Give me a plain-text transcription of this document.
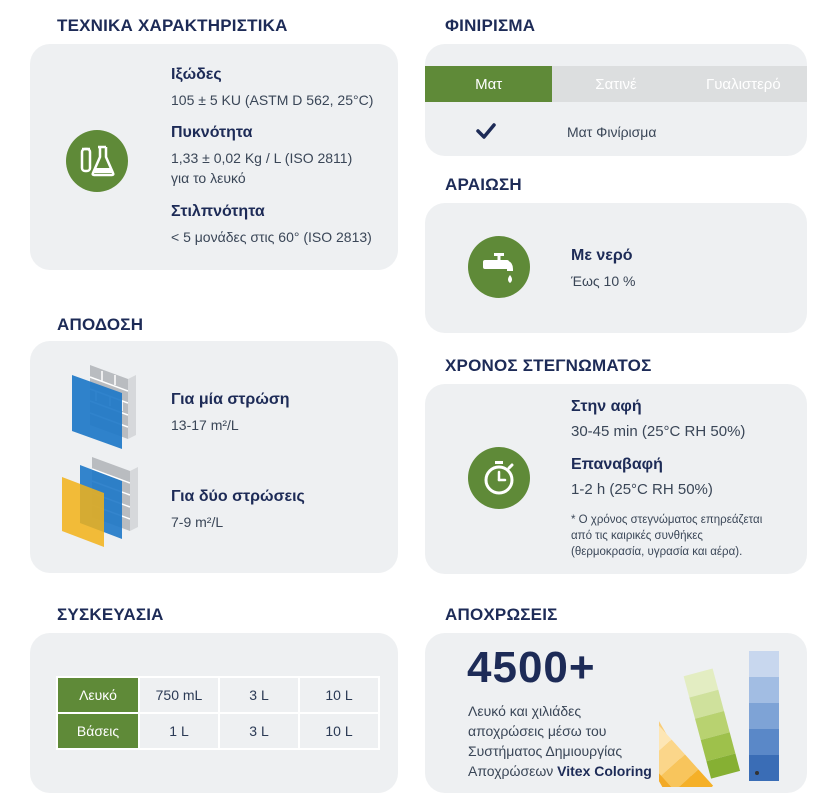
ΤΕΧΝΙΚΑ ΧΑΡΑΚΤΗΡΙΣΤΙΚΑ
Ιξώδες
105 ± 5 KU (ASTM D 562, 25°C)
Πυκνότητα
1,33 ± 0,02 Kg / L (ISO 2811)
για το λευκό
Στιλπνότητα
< 5 μονάδες στις 60° (ISO 2813)
ΦΙΝΙΡΙΣΜΑ
Ματ	Σατινέ	Γυαλιστερό
Ματ Φινίρισμα
ΑΡΑΙΩΣΗ
Με νερό
Έως 10 %
ΑΠΟΔΟΣΗ
Για μία στρώση
13-17 m²/L
Για δύο στρώσεις
7-9 m²/L
ΧΡΟΝΟΣ ΣΤΕΓΝΩΜΑΤΟΣ
Στην αφή
30-45 min (25°C RH 50%)
Επαναβαφή
1-2 h (25°C RH 50%)
* Ο χρόνος στεγνώματος επηρεάζεται
από τις καιρικές συνθήκες
(θερμοκρασία, υγρασία και αέρα).
ΣΥΣΚΕΥΑΣΙΑ
Λευκό	750 mL	3 L	10 L
Βάσεις	1 L	3 L	10 L
ΑΠΟΧΡΩΣΕΙΣ
4500+
Λευκό και χιλιάδες
αποχρώσεις μέσω του
Συστήματος Δημιουργίας
Αποχρώσεων Vitex Coloring
